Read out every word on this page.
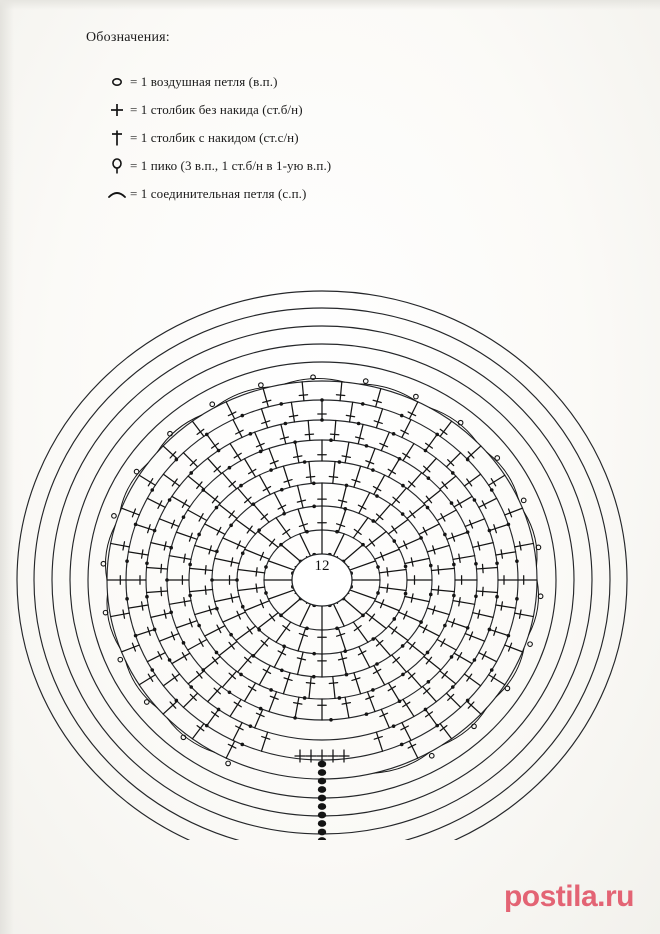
Обозначения:
= 1 воздушная петля (в.п.)
= 1 столбик без накида (ст.б/н)
= 1 столбик с накидом (ст.с/н)
= 1 пико (3 в.п., 1 ст.б/н в 1-ую в.п.)
= 1 соединительная петля (с.п.)
12
postila.ru
